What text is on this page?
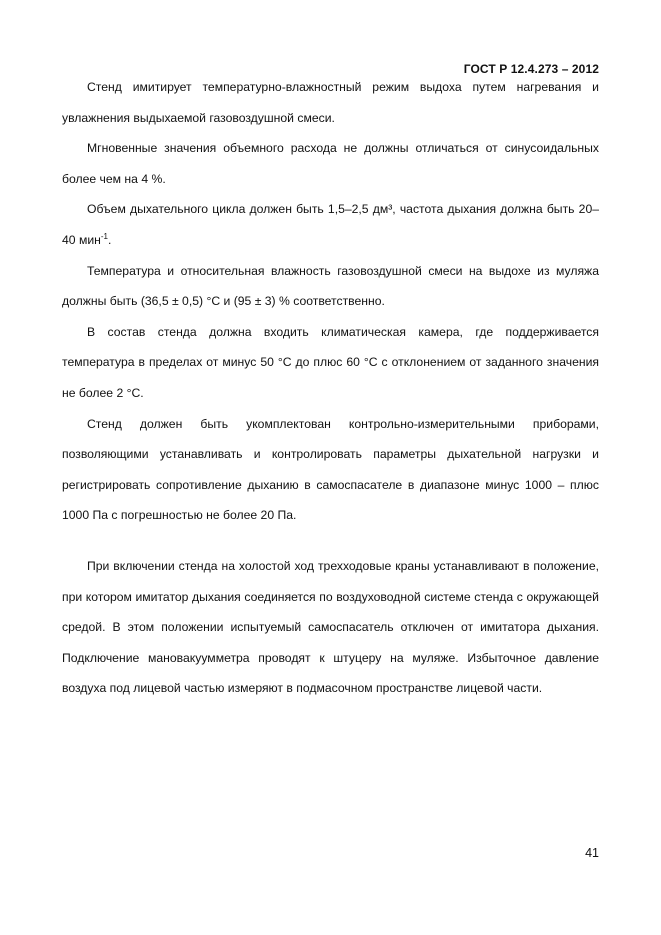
ГОСТ Р 12.4.273 – 2012

Стенд имитирует температурно-влажностный режим выдоха путем нагревания и увлажнения выдыхаемой газовоздушной смеси.

Мгновенные значения объемного расхода не должны отличаться от синусоидальных более чем на 4 %.

Объем дыхательного цикла должен быть 1,5–2,5 дм³, частота дыхания должна быть 20–40 мин$^{-1}$.

Температура и относительная влажность газовоздушной смеси на выдохе из муляжа должны быть (36,5 ± 0,5) °С и (95 ± 3) % соответственно.

В состав стенда должна входить климатическая камера, где поддерживается температура в пределах от минус 50 °С до плюс 60 °С с отклонением от заданного значения не более 2 °С.

Стенд должен быть укомплектован контрольно-измерительными приборами, позволяющими устанавливать и контролировать параметры дыхательной нагрузки и регистрировать сопротивление дыханию в самоспасателе в диапазоне минус 1000 – плюс 1000 Па с погрешностью не более 20 Па.

При включении стенда на холостой ход трехходовые краны устанавливают в положение, при котором имитатор дыхания соединяется по воздуховодной системе стенда с окружающей средой. В этом положении испытуемый самоспасатель отключен от имитатора дыхания. Подключение мановакуумметра проводят к штуцеру на муляже. Избыточное давление воздуха под лицевой частью измеряют в подмасочном пространстве лицевой части.

41
